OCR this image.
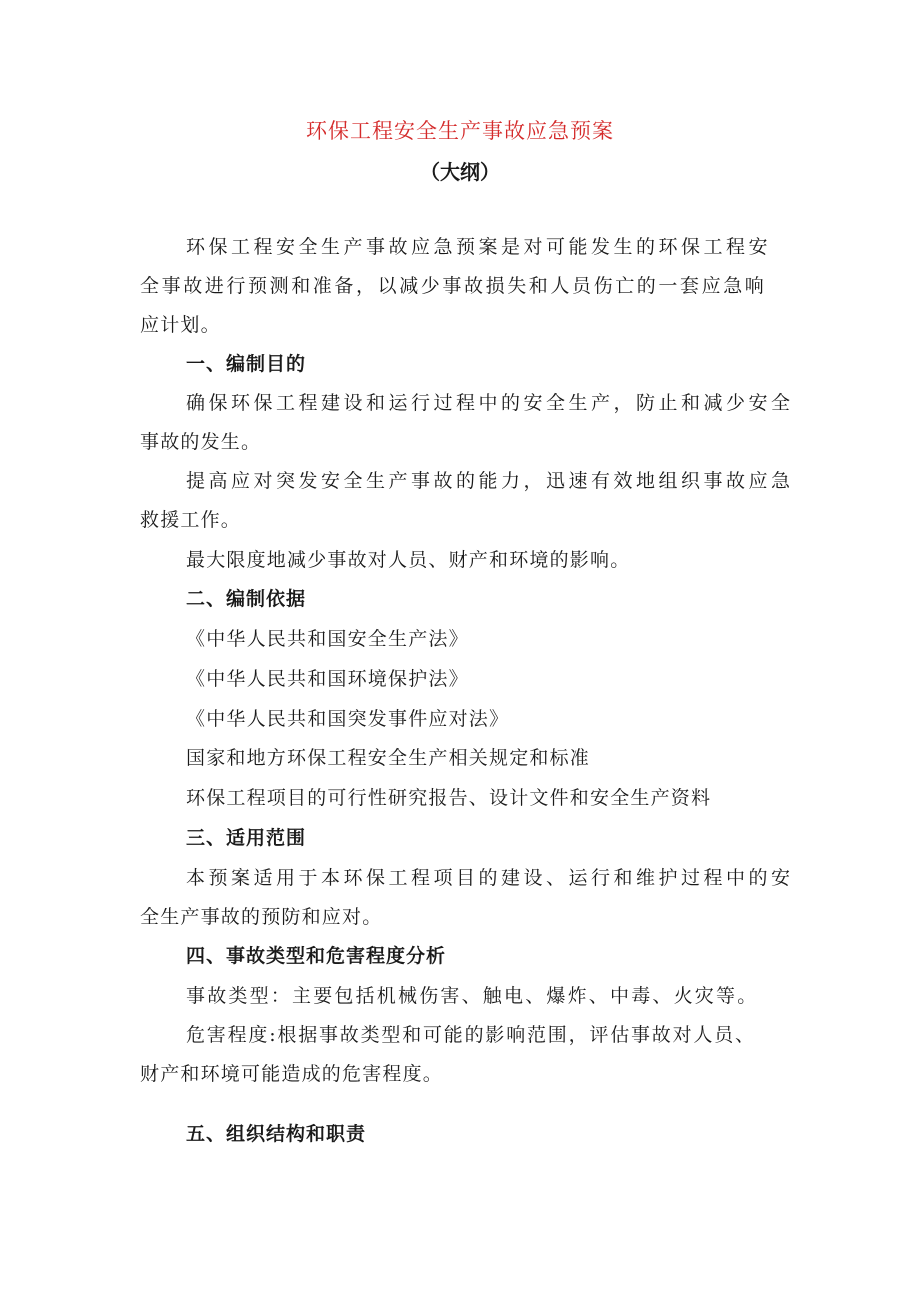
环保工程安全生产事故应急预案
（大纲）
环保工程安全生产事故应急预案是对可能发生的环保工程安
全事故进行预测和准备，以减少事故损失和人员伤亡的一套应急响
应计划。
一、编制目的
确保环保工程建设和运行过程中的安全生产，防止和减少安全
事故的发生。
提高应对突发安全生产事故的能力，迅速有效地组织事故应急
救援工作。
最大限度地减少事故对人员、财产和环境的影响。
二、编制依据
《中华人民共和国安全生产法》
《中华人民共和国环境保护法》
《中华人民共和国突发事件应对法》
国家和地方环保工程安全生产相关规定和标准
环保工程项目的可行性研究报告、设计文件和安全生产资料
三、适用范围
本预案适用于本环保工程项目的建设、运行和维护过程中的安
全生产事故的预防和应对。
四、事故类型和危害程度分析
事故类型：主要包括机械伤害、触电、爆炸、中毒、火灾等。
危害程度:根据事故类型和可能的影响范围，评估事故对人员、
财产和环境可能造成的危害程度。
五、组织结构和职责
